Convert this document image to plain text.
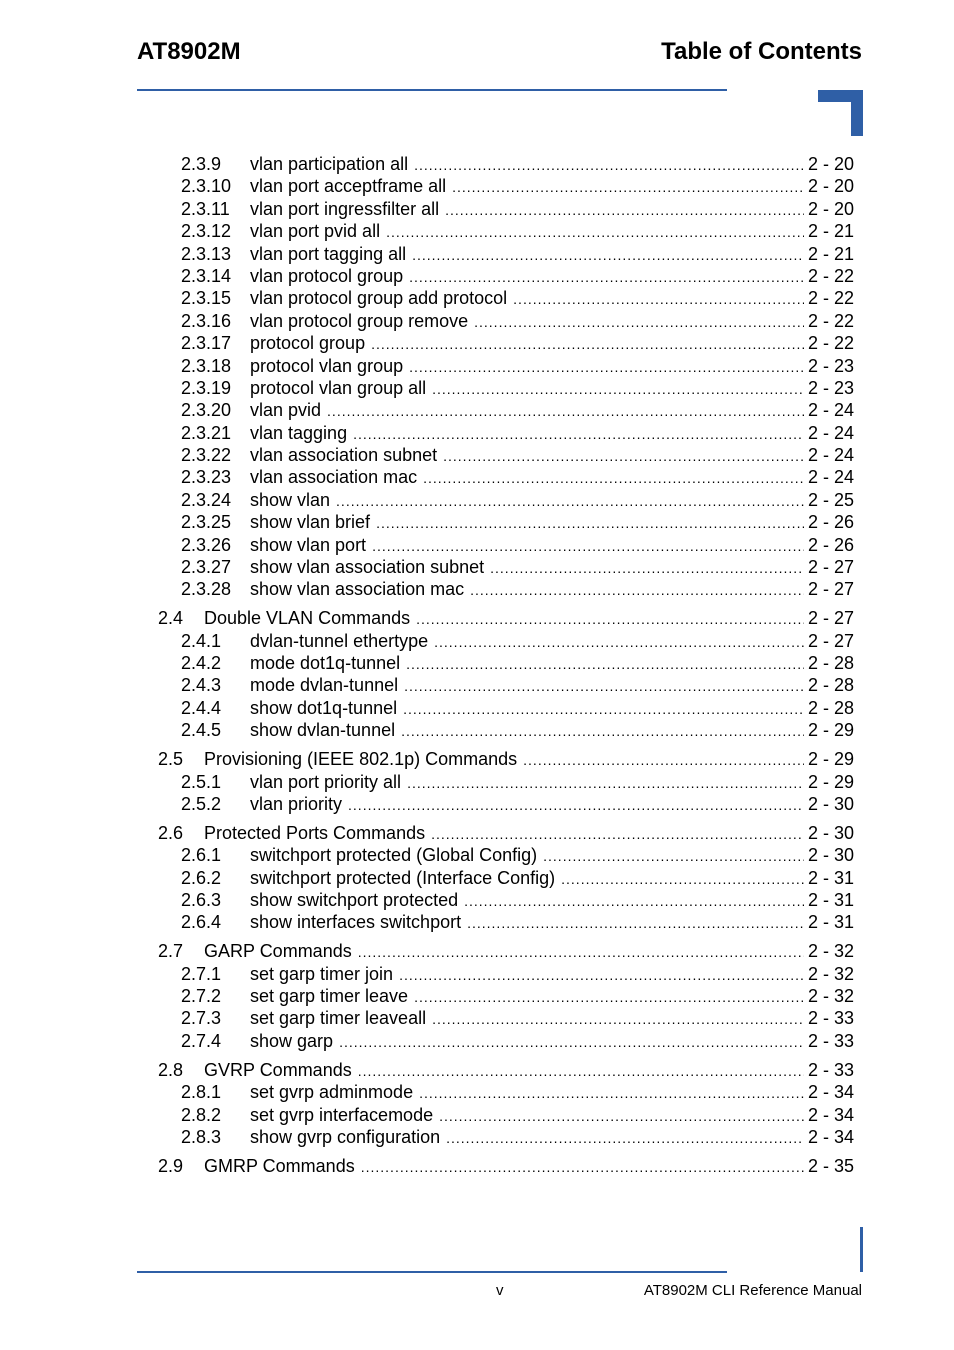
AT8902M	Table of Contents
2.3.9 vlan participation all .....	2 - 20
2.3.10 vlan port acceptframe all .....	2 - 20
2.3.11 vlan port ingressfilter all .....	2 - 20
2.3.12 vlan port pvid all .....	2 - 21
2.3.13 vlan port tagging all .....	2 - 21
2.3.14 vlan protocol group .....	2 - 22
2.3.15 vlan protocol group add protocol .....	2 - 22
2.3.16 vlan protocol group remove .....	2 - 22
2.3.17 protocol group .....	2 - 22
2.3.18 protocol vlan group .....	2 - 23
2.3.19 protocol vlan group all .....	2 - 23
2.3.20 vlan pvid .....	2 - 24
2.3.21 vlan tagging .....	2 - 24
2.3.22 vlan association subnet .....	2 - 24
2.3.23 vlan association mac .....	2 - 24
2.3.24 show vlan .....	2 - 25
2.3.25 show vlan brief .....	2 - 26
2.3.26 show vlan port .....	2 - 26
2.3.27 show vlan association subnet .....	2 - 27
2.3.28 show vlan association mac .....	2 - 27
2.4 Double VLAN Commands .....	2 - 27
2.4.1 dvlan-tunnel ethertype .....	2 - 27
2.4.2 mode dot1q-tunnel .....	2 - 28
2.4.3 mode dvlan-tunnel .....	2 - 28
2.4.4 show dot1q-tunnel .....	2 - 28
2.4.5 show dvlan-tunnel .....	2 - 29
2.5 Provisioning (IEEE 802.1p) Commands .....	2 - 29
2.5.1 vlan port priority all .....	2 - 29
2.5.2 vlan priority .....	2 - 30
2.6 Protected Ports Commands .....	2 - 30
2.6.1 switchport protected (Global Config) .....	2 - 30
2.6.2 switchport protected (Interface Config) .....	2 - 31
2.6.3 show switchport protected .....	2 - 31
2.6.4 show interfaces switchport .....	2 - 31
2.7 GARP Commands .....	2 - 32
2.7.1 set garp timer join .....	2 - 32
2.7.2 set garp timer leave .....	2 - 32
2.7.3 set garp timer leaveall .....	2 - 33
2.7.4 show garp .....	2 - 33
2.8 GVRP Commands .....	2 - 33
2.8.1 set gvrp adminmode .....	2 - 34
2.8.2 set gvrp interfacemode .....	2 - 34
2.8.3 show gvrp configuration .....	2 - 34
2.9 GMRP Commands .....	2 - 35
v	AT8902M CLI Reference Manual
